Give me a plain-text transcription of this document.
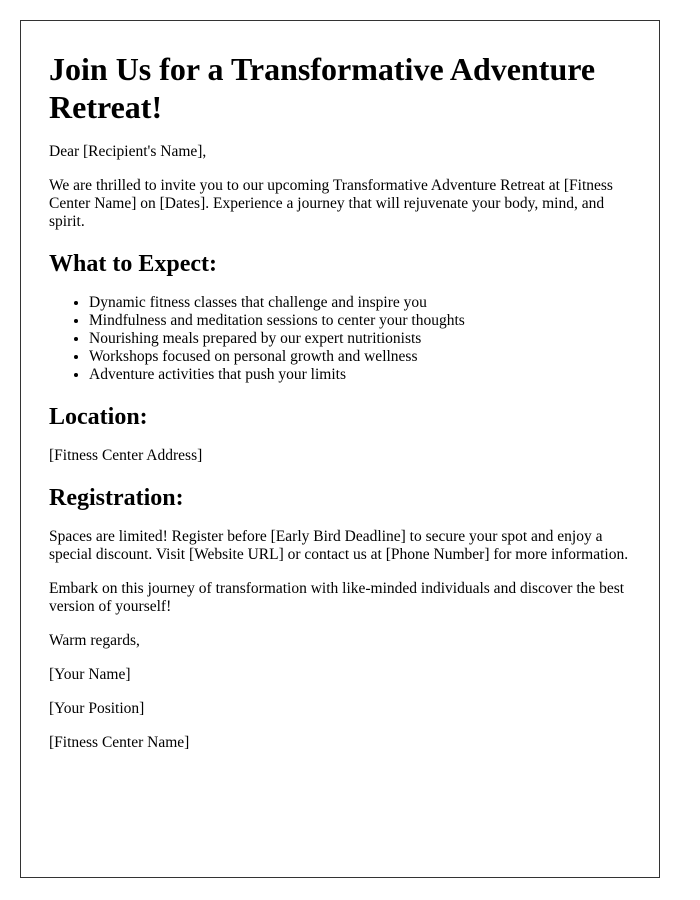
Join Us for a Transformative Adventure Retreat!

Dear [Recipient's Name],

We are thrilled to invite you to our upcoming Transformative Adventure Retreat at [Fitness Center Name] on [Dates]. Experience a journey that will rejuvenate your body, mind, and spirit.

What to Expect:
• Dynamic fitness classes that challenge and inspire you
• Mindfulness and meditation sessions to center your thoughts
• Nourishing meals prepared by our expert nutritionists
• Workshops focused on personal growth and wellness
• Adventure activities that push your limits
Location:

[Fitness Center Address]

Registration:

Spaces are limited! Register before [Early Bird Deadline] to secure your spot and enjoy a special discount. Visit [Website URL] or contact us at [Phone Number] for more information.

Embark on this journey of transformation with like-minded individuals and discover the best version of yourself!

Warm regards,

[Your Name]

[Your Position]

[Fitness Center Name]
